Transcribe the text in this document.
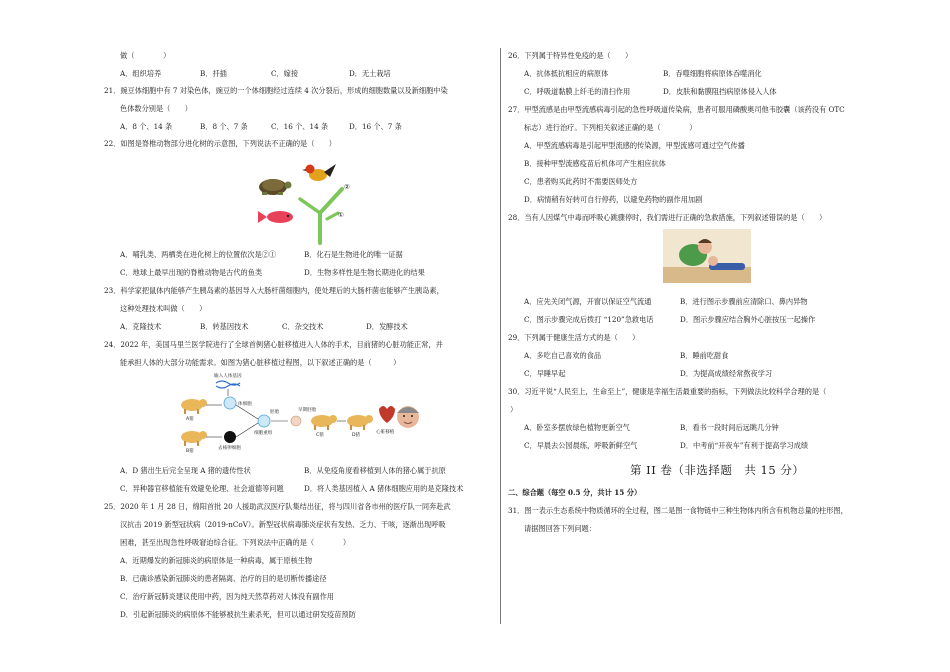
做（　　　　）
A．组织培养	B．扦插	C．嫁接	D．无土栽培
21．豌豆体细胞中有 7 对染色体，豌豆的一个体细胞经过连续 4 次分裂后，形成的细胞数量以及新细胞中染
色体数分别是（　　）
A．8 个、14 条	B．8 个、7 条	C．16 个、14 条	D．16 个、7 条
22．如图是脊椎动物部分进化树的示意图，下列说法不正确的是（　　）
②
①
A．哺乳类、两栖类在进化树上的位置依次是②①	B．化石是生物进化的唯一证据
C．地球上最早出现的脊椎动物是古代的鱼类	D．生物多样性是生物长期进化的结果
23．科学家把鼠体内能够产生胰岛素的基因导入大肠杆菌细胞内，使处理后的大肠杆菌也能够产生胰岛素，
这种处理技术叫做（　　）
A．克隆技术	B．转基因技术	C．杂交技术	D．发酵技术
24．2022 年，美国马里兰医学院进行了全球首例猪心脏移植进入人体的手术，目前猪的心脏功能正常，并
能承担人体的大部分功能需求。如图为猪心脏移植过程图，以下叙述正确的是（　　　）
输入人体基因
体细胞
A猪
B猪
去核卵细胞
细胞重组
胚胎	早期胚胎
C猪	D猪
心脏移植
A．D 猪出生后完全呈现 A 猪的遗传性状	B．从免疫角度看移植到人体的猪心属于抗原
C．异种器官移植能有效避免伦理、社会道德等问题	D．将人类基因植入 A 猪体细胞应用的是克隆技术
25．2020 年 1 月 28 日，绵阳首批 20 人援助武汉医疗队集结出征，将与四川省各市州的医疗队一同奔赴武
汉抗击 2019 新型冠状病（2019-nCoV）。新型冠状病毒肺炎症状有发热、乏力、干咳，逐渐出现呼吸
困难，甚至出现急性呼吸窘迫综合征。下列说法中正确的是（　　　　）
A．近期爆发的新冠肺炎的病原体是一种病毒，属于原核生物
B．已确诊感染新冠肺炎的患者隔离、治疗的目的是切断传播途径
C．治疗新冠肺炎建议使用中药，因为纯天然草药对人体没有副作用
D．引起新冠肺炎的病原体不能够被抗生素杀死，但可以通过研发疫苗预防
26．下列属于特异性免疫的是（　　）
A．抗体抵抗相应的病原体	B．吞噬细胞将病原体吞噬消化
C．呼吸道黏膜上纤毛的清扫作用	D．皮肤和黏膜阻挡病原体侵入人体
27．甲型流感是由甲型流感病毒引起的急性呼吸道传染病，患者可服用磷酸奥司他韦胶囊（该药没有 OTC
标志）进行治疗。下列相关叙述正确的是（　　　　）
A．甲型流感病毒是引起甲型流感的传染源，甲型流感可通过空气传播
B．接种甲型流感疫苗后机体可产生相应抗体
C．患者购买此药时不需要医师处方
D．病情稍有好转可自行停药，以避免药物的副作用加剧
28．当有人因煤气中毒而呼吸心跳骤停时，我们需进行正确的急救措施，下列叙述错误的是（　　）
A．应先关闭气源，开窗以保证空气流通	B．进行图示步骤前应清除口、鼻内异物
C．图示步骤完成后拨打 “120”急救电话	D．图示步骤应结合胸外心脏按压一起操作
29．下列属于健康生活方式的是（　　）
A．多吃自己喜欢的食品	B．睡前吃甜食
C．早睡早起	D．为提高成绩经常熬夜学习
30．习近平说“人民至上，生命至上”，健康是幸福生活最重要的指标，下列做法比较科学合理的是（
）
A．卧室多摆放绿色植物更新空气	B．看书一段时间后远眺几分钟
C．早晨去公园晨练，呼吸新鲜空气	D．中考前“开夜车”有利于提高学习成绩
第 II 卷（非选择题　共 15 分）
二、综合题（每空 0.5 分，共计 15 分）
31．图一表示生态系统中物质循环的全过程，图二是图一食物链中三种生物体内所含有机物总量的柱形图，
请据图回答下列问题：
